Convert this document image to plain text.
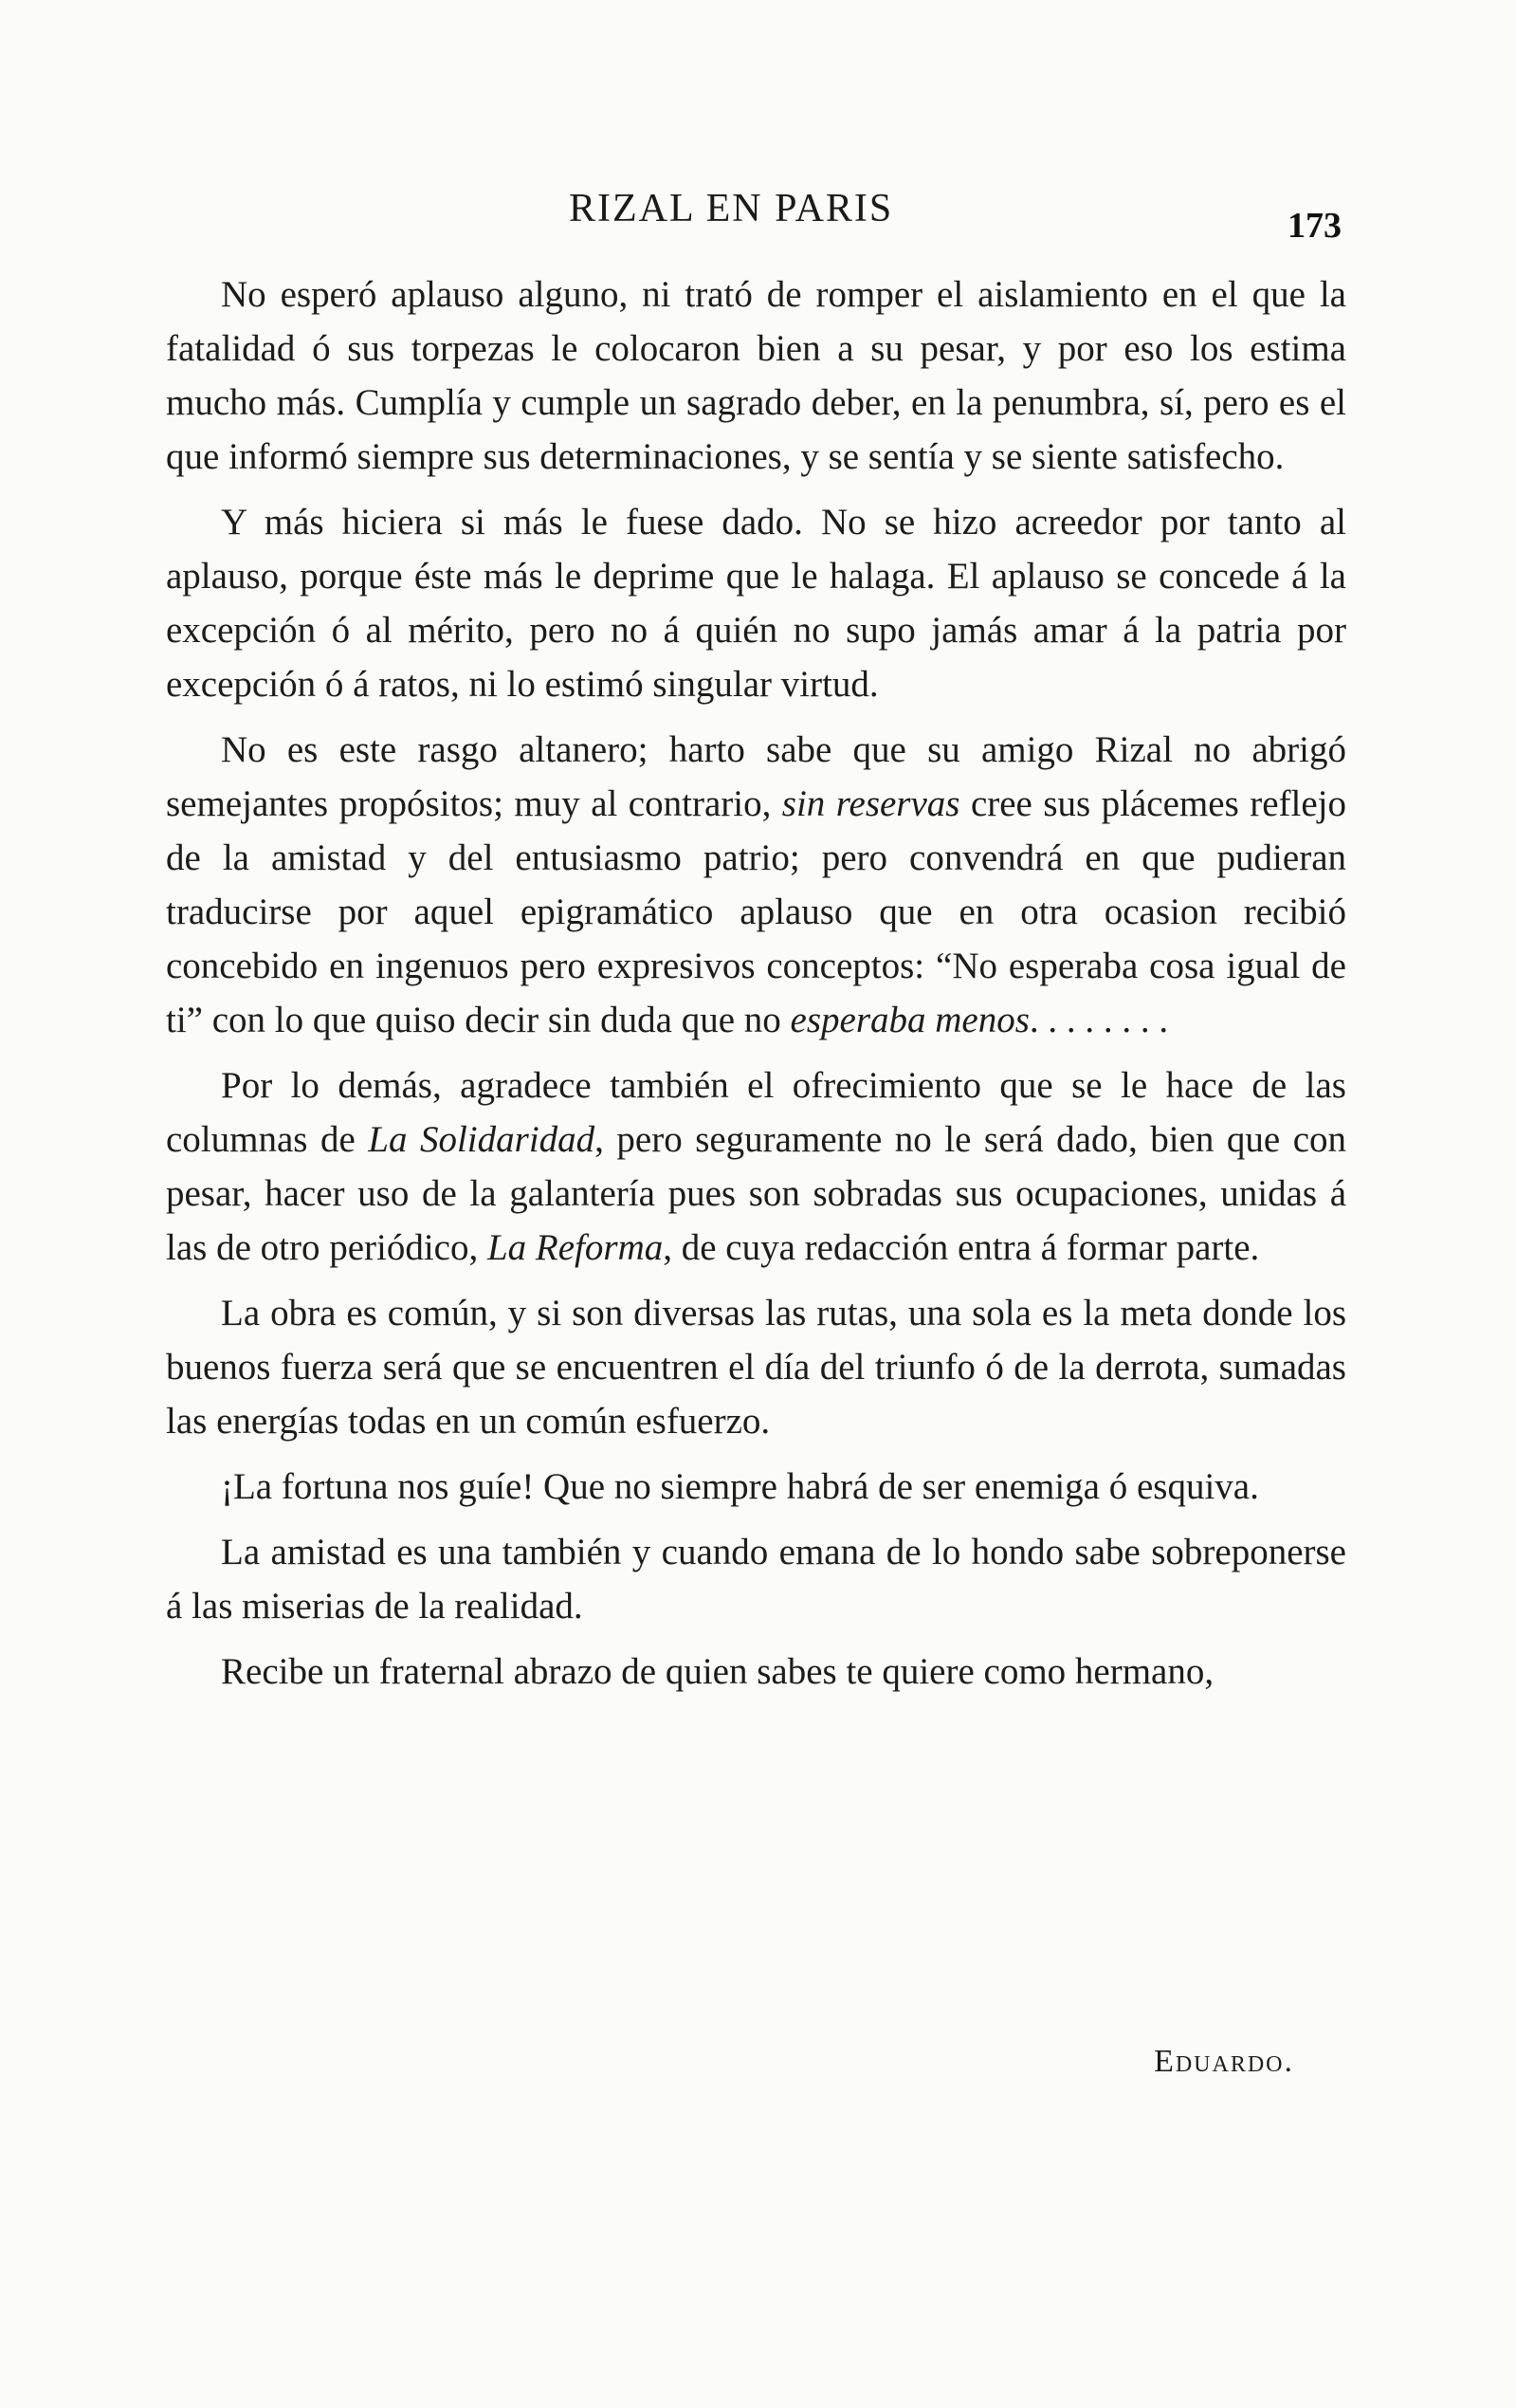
RIZAL EN PARIS	173

No esperó aplauso alguno, ni trató de romper el aislamiento en el que la fatalidad ó sus torpezas le colocaron bien a su pesar, y por eso los estima mucho más. Cumplía y cumple un sagrado deber, en la penumbra, sí, pero es el que informó siempre sus determinaciones, y se sentía y se siente satisfecho.

Y más hiciera si más le fuese dado. No se hizo acreedor por tanto al aplauso, porque éste más le deprime que le halaga. El aplauso se concede á la excepción ó al mérito, pero no á quién no supo jamás amar á la patria por excepción ó á ratos, ni lo estimó singular virtud.

No es este rasgo altanero; harto sabe que su amigo Rizal no abrigó semejantes propósitos; muy al contrario, sin reservas cree sus plácemes reflejo de la amistad y del entusiasmo patrio; pero convendrá en que pudieran traducirse por aquel epigramático aplauso que en otra ocasion recibió concebido en ingenuos pero expresivos conceptos: “No esperaba cosa igual de ti” con lo que quiso decir sin duda que no esperaba menos. . . . . . . .

Por lo demás, agradece también el ofrecimiento que se le hace de las columnas de La Solidaridad, pero seguramente no le será dado, bien que con pesar, hacer uso de la galantería pues son sobradas sus ocupaciones, unidas á las de otro periódico, La Reforma, de cuya redacción entra á formar parte.

La obra es común, y si son diversas las rutas, una sola es la meta donde los buenos fuerza será que se encuentren el día del triunfo ó de la derrota, sumadas las energías todas en un común esfuerzo.

¡La fortuna nos guíe! Que no siempre habrá de ser enemiga ó esquiva.

La amistad es una también y cuando emana de lo hondo sabe sobreponerse á las miserias de la realidad.

Recibe un fraternal abrazo de quien sabes te quiere como hermano,

Eduardo.
